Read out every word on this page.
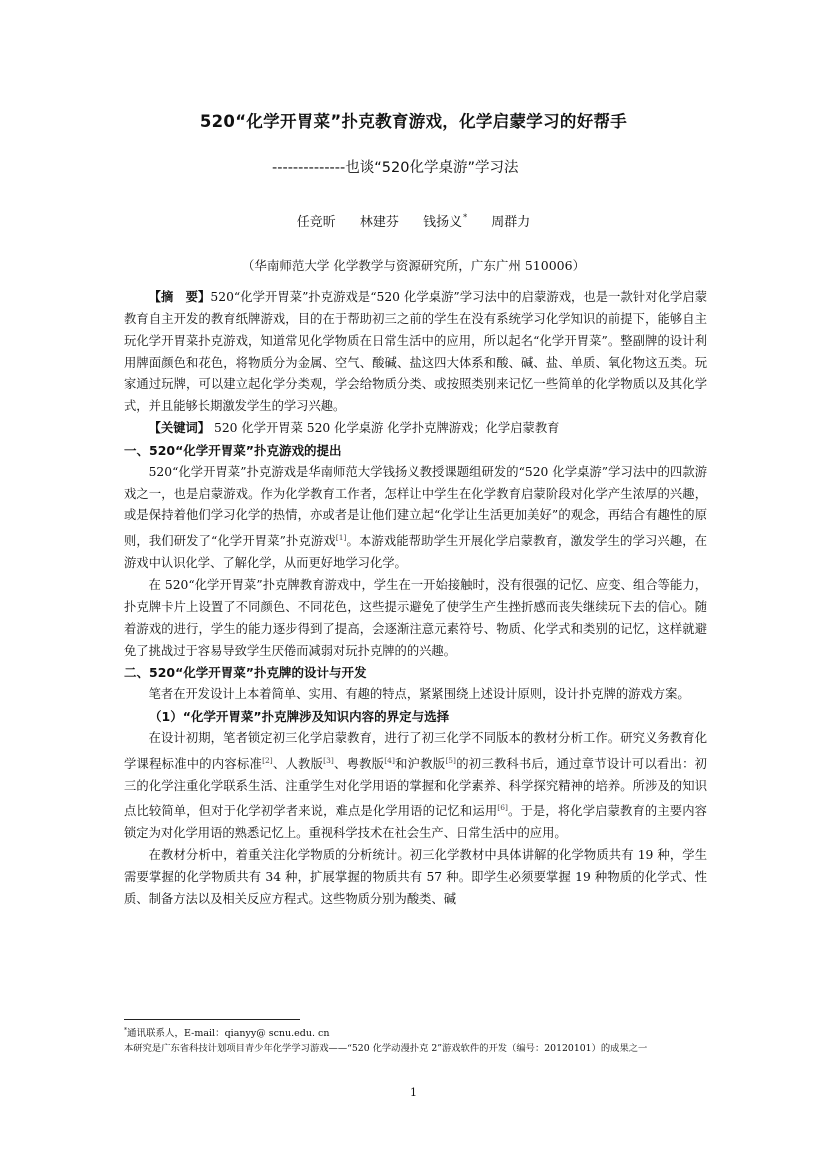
520“化学开胃菜”扑克教育游戏，化学启蒙学习的好帮手
--------------也谈“520化学桌游”学习法
任竞昕 林建芬 钱扬义* 周群力
（华南师范大学 化学教学与资源研究所，广东广州 510006）

【摘　要】520“化学开胃菜”扑克游戏是“520 化学桌游”学习法中的启蒙游戏，也是一款针对化学启蒙教育自主开发的教育纸牌游戏，目的在于帮助初三之前的学生在没有系统学习化学知识的前提下，能够自主玩化学开胃菜扑克游戏，知道常见化学物质在日常生活中的应用，所以起名“化学开胃菜”。整副牌的设计利用牌面颜色和花色，将物质分为金属、空气、酸碱、盐这四大体系和酸、碱、盐、单质、氧化物这五类。玩家通过玩牌，可以建立起化学分类观，学会给物质分类、或按照类别来记忆一些简单的化学物质以及其化学式，并且能够长期激发学生的学习兴趣。

【关键词】 520 化学开胃菜 520 化学桌游 化学扑克牌游戏；化学启蒙教育

一、520“化学开胃菜”扑克游戏的提出

520“化学开胃菜”扑克游戏是华南师范大学钱扬义教授课题组研发的“520 化学桌游”学习法中的四款游戏之一，也是启蒙游戏。作为化学教育工作者，怎样让中学生在化学教育启蒙阶段对化学产生浓厚的兴趣，或是保持着他们学习化学的热情，亦或者是让他们建立起“化学让生活更加美好”的观念，再结合有趣性的原则，我们研发了“化学开胃菜”扑克游戏[1]。本游戏能帮助学生开展化学启蒙教育，激发学生的学习兴趣，在游戏中认识化学、了解化学，从而更好地学习化学。

在 520“化学开胃菜”扑克牌教育游戏中，学生在一开始接触时，没有很强的记忆、应变、组合等能力，扑克牌卡片上设置了不同颜色、不同花色，这些提示避免了使学生产生挫折感而丧失继续玩下去的信心。随着游戏的进行，学生的能力逐步得到了提高，会逐渐注意元素符号、物质、化学式和类别的记忆，这样就避免了挑战过于容易导致学生厌倦而减弱对玩扑克牌的的兴趣。

二、520“化学开胃菜”扑克牌的设计与开发

笔者在开发设计上本着简单、实用、有趣的特点，紧紧围绕上述设计原则，设计扑克牌的游戏方案。

（1）“化学开胃菜”扑克牌涉及知识内容的界定与选择

在设计初期，笔者锁定初三化学启蒙教育，进行了初三化学不同版本的教材分析工作。研究义务教育化学课程标准中的内容标准[2]、人教版[3]、粤教版[4]和沪教版[5]的初三教科书后，通过章节设计可以看出：初三的化学注重化学联系生活、注重学生对化学用语的掌握和化学素养、科学探究精神的培养。所涉及的知识点比较简单，但对于化学初学者来说，难点是化学用语的记忆和运用[6]。于是，将化学启蒙教育的主要内容锁定为对化学用语的熟悉记忆上。重视科学技术在社会生产、日常生活中的应用。

在教材分析中，着重关注化学物质的分析统计。初三化学教材中具体讲解的化学物质共有 19 种，学生需要掌握的化学物质共有 34 种，扩展掌握的物质共有 57 种。即学生必须要掌握 19 种物质的化学式、性质、制备方法以及相关反应方程式。这些物质分别为酸类、碱

*通讯联系人，E-mail：qianyy@ scnu.edu. cn
本研究是广东省科技计划项目青少年化学学习游戏——“520 化学动漫扑克 2”游戏软件的开发（编号：20120101）的成果之一
1
